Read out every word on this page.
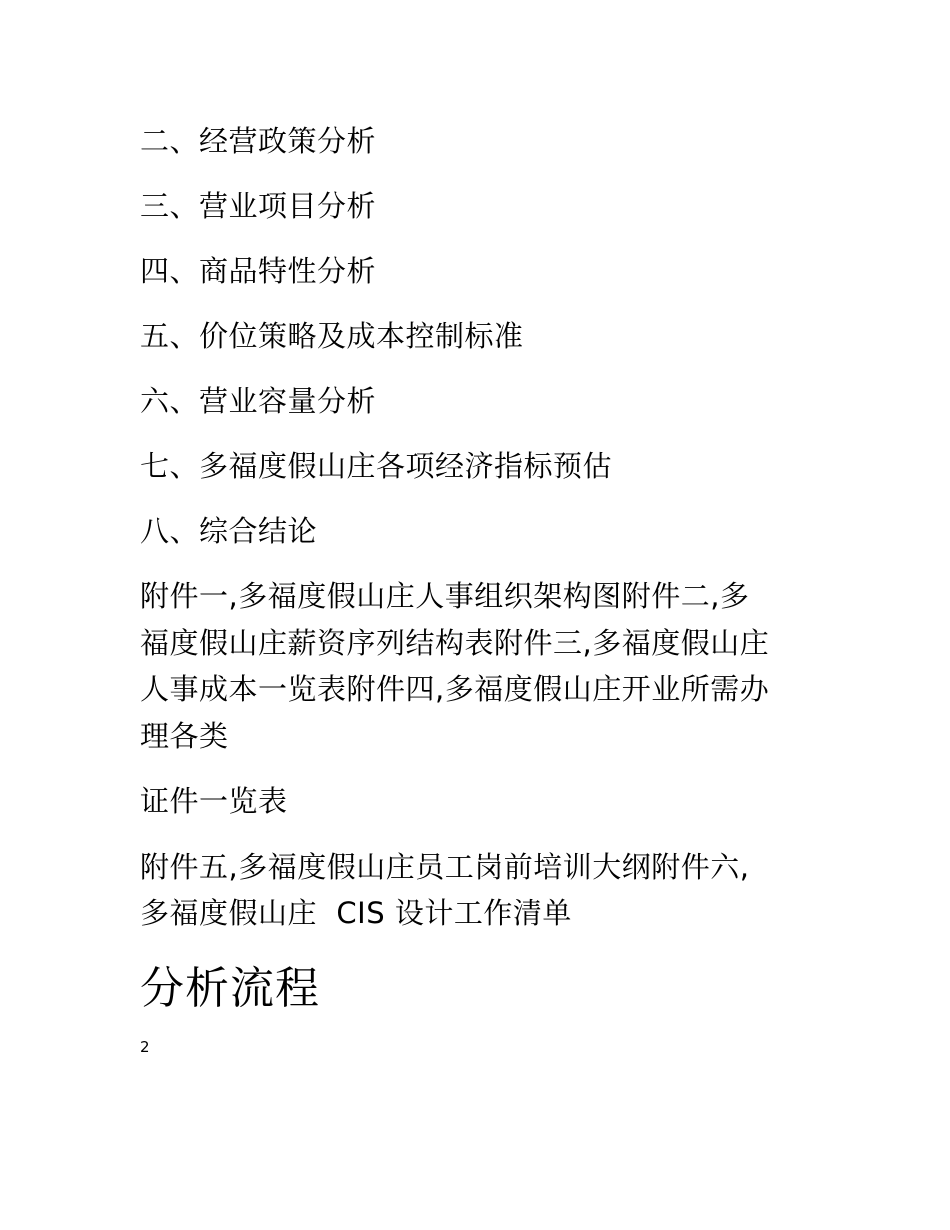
二、经营政策分析
三、营业项目分析
四、商品特性分析
五、价位策略及成本控制标准
六、营业容量分析
七、多福度假山庄各项经济指标预估
八、综合结论
附件一,多福度假山庄人事组织架构图附件二,多
福度假山庄薪资序列结构表附件三,多福度假山庄
人事成本一览表附件四,多福度假山庄开业所需办
理各类
证件一览表
附件五,多福度假山庄员工岗前培训大纲附件六,
多福度假山庄  CIS 设计工作清单
分析流程
2
